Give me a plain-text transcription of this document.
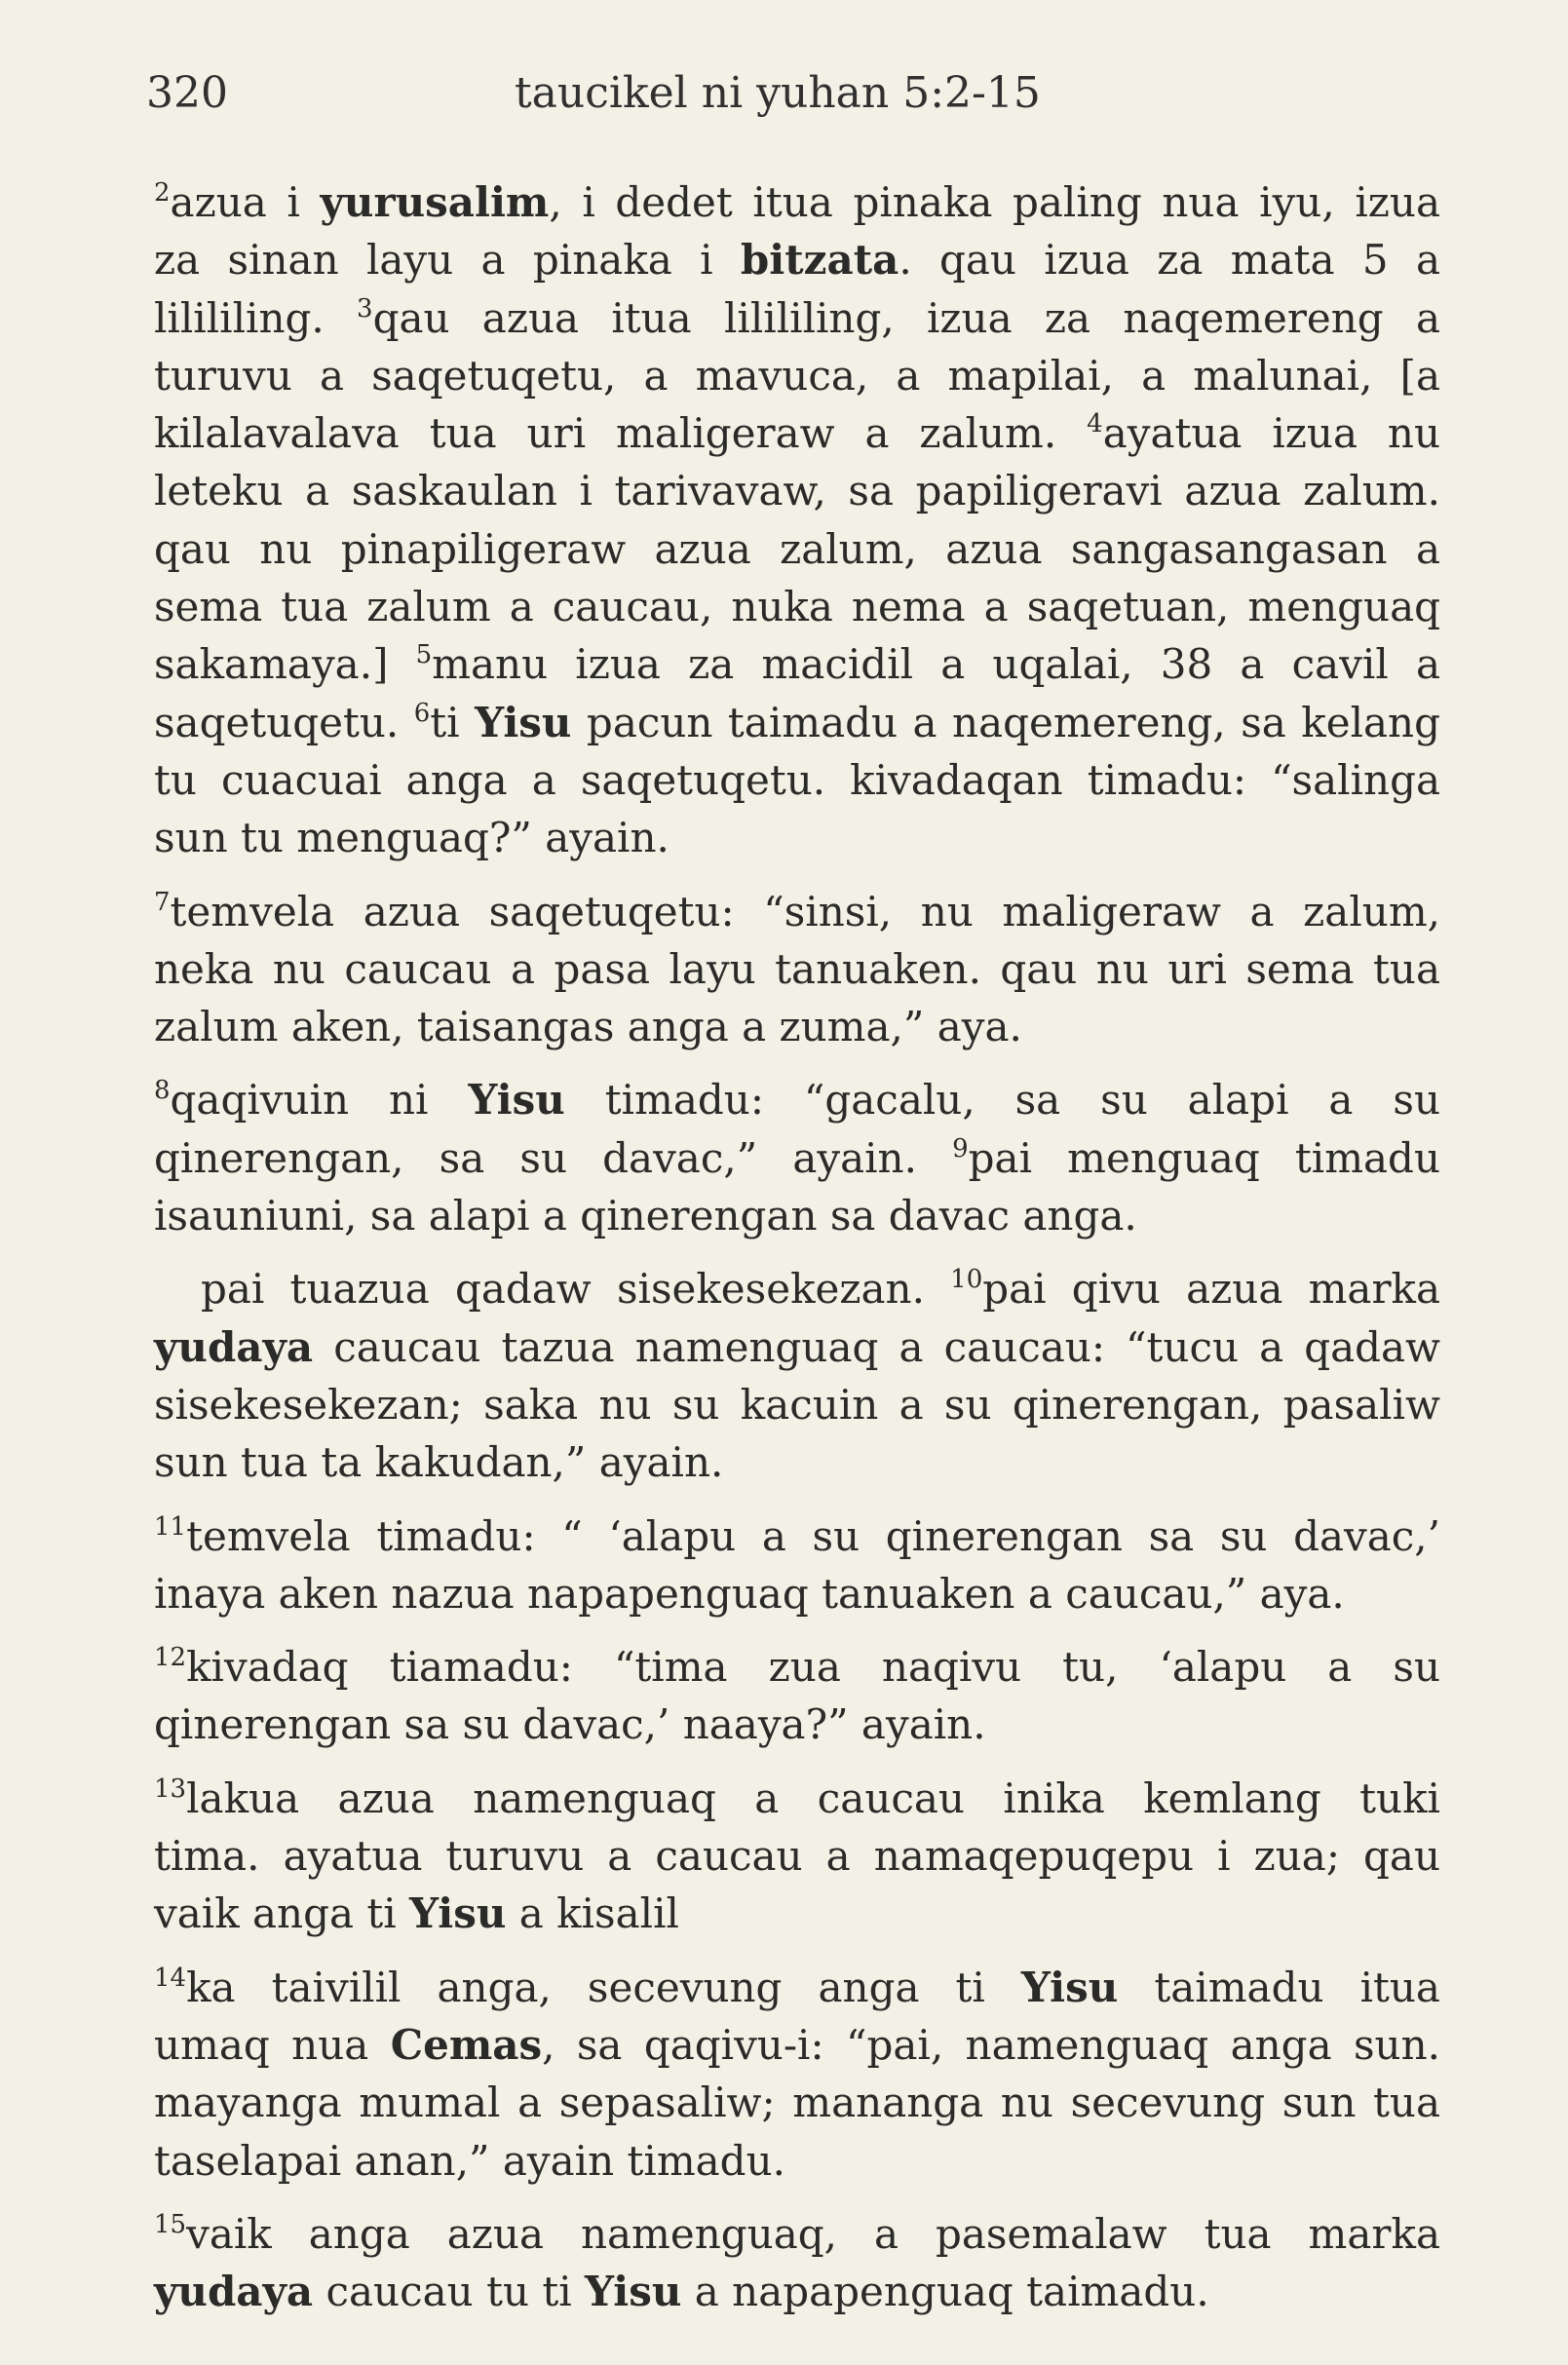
320	taucikel ni yuhan 5:2-15
$^2$azua i yurusalim, i dedet itua pinaka paling nua iyu, izua
za sinan layu a pinaka i bitzata. qau izua za mata 5 a
lilililing. $^3$qau azua itua lilililing, izua za naqemereng a
turuvu a saqetuqetu, a mavuca, a mapilai, a malunai, [a
kilalavalava tua uri maligeraw a zalum. $^4$ayatua izua nu
leteku a saskaulan i tarivavaw, sa papiligeravi azua zalum.
qau nu pinapiligeraw azua zalum, azua sangasangasan a
sema tua zalum a caucau, nuka nema a saqetuan, menguaq
sakamaya.] $^5$manu izua za macidil a uqalai, 38 a cavil a
saqetuqetu. $^6$ti Yisu pacun taimadu a naqemereng, sa kelang
tu cuacuai anga a saqetuqetu. kivadaqan timadu: “salinga
sun tu menguaq?” ayain.
$^7$temvela azua saqetuqetu: “sinsi, nu maligeraw a zalum,
neka nu caucau a pasa layu tanuaken. qau nu uri sema tua
zalum aken, taisangas anga a zuma,” aya.
$^8$qaqivuin ni Yisu timadu: “gacalu, sa su alapi a su
qinerengan, sa su davac,” ayain. $^9$pai menguaq timadu
isauniuni, sa alapi a qinerengan sa davac anga.
pai tuazua qadaw sisekesekezan. $^{10}$pai qivu azua marka
yudaya caucau tazua namenguaq a caucau: “tucu a qadaw
sisekesekezan; saka nu su kacuin a su qinerengan, pasaliw
sun tua ta kakudan,” ayain.
$^{11}$temvela timadu: “ ‘alapu a su qinerengan sa su davac,’
inaya aken nazua napapenguaq tanuaken a caucau,” aya.
$^{12}$kivadaq tiamadu: “tima zua naqivu tu, ‘alapu a su
qinerengan sa su davac,’ naaya?” ayain.
$^{13}$lakua azua namenguaq a caucau inika kemlang tuki
tima. ayatua turuvu a caucau a namaqepuqepu i zua; qau
vaik anga ti Yisu a kisalil
$^{14}$ka taivilil anga, secevung anga ti Yisu taimadu itua
umaq nua Cemas, sa qaqivu-i: “pai, namenguaq anga sun.
mayanga mumal a sepasaliw; mananga nu secevung sun tua
taselapai anan,” ayain timadu.
$^{15}$vaik anga azua namenguaq, a pasemalaw tua marka
yudaya caucau tu ti Yisu a napapenguaq taimadu.
